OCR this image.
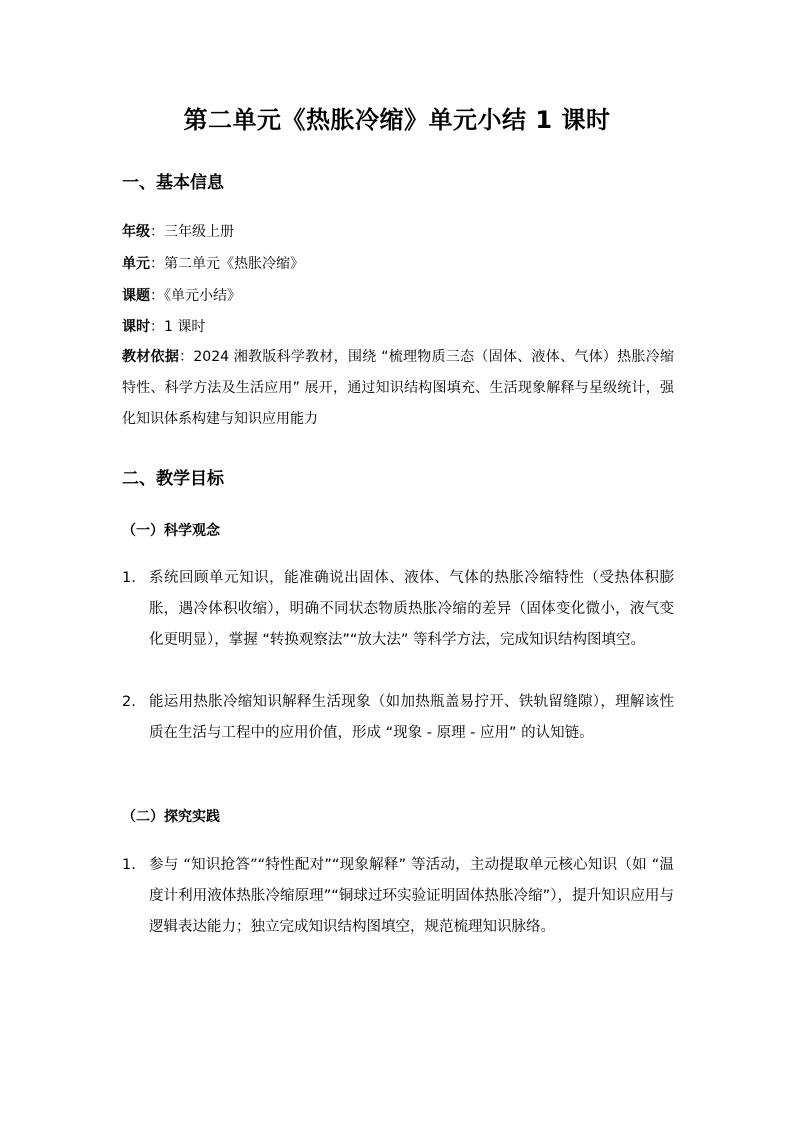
第二单元《热胀冷缩》单元小结 1 课时
一、基本信息
年级：三年级上册
单元：第二单元《热胀冷缩》
课题：《单元小结》
课时：1 课时
教材依据：2024 湘教版科学教材，围绕 “梳理物质三态（固体、液体、气体）热胀冷缩特性、科学方法及生活应用” 展开，通过知识结构图填充、生活现象解释与星级统计，强化知识体系构建与知识应用能力
二、教学目标
（一）科学观念
1. 系统回顾单元知识，能准确说出固体、液体、气体的热胀冷缩特性（受热体积膨胀，遇冷体积收缩），明确不同状态物质热胀冷缩的差异（固体变化微小，液气变化更明显），掌握 “转换观察法”“放大法” 等科学方法，完成知识结构图填空。
2. 能运用热胀冷缩知识解释生活现象（如加热瓶盖易拧开、铁轨留缝隙），理解该性质在生活与工程中的应用价值，形成 “现象 - 原理 - 应用” 的认知链。
（二）探究实践
1. 参与 “知识抢答”“特性配对”“现象解释” 等活动，主动提取单元核心知识（如 “温度计利用液体热胀冷缩原理”“铜球过环实验证明固体热胀冷缩”），提升知识应用与逻辑表达能力；独立完成知识结构图填空，规范梳理知识脉络。
